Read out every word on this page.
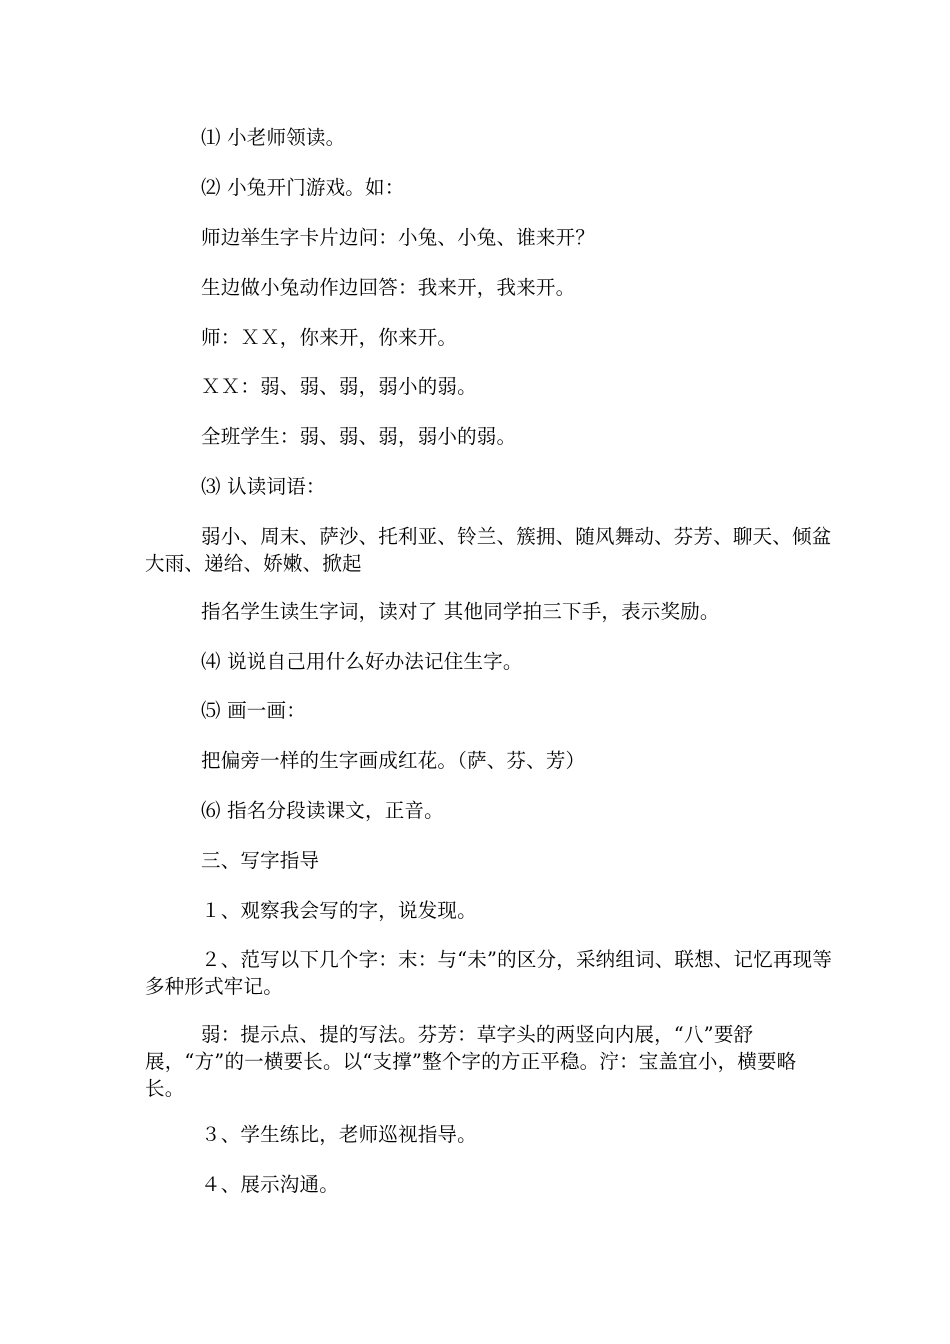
⑴ 小老师领读。

⑵ 小兔开门游戏。如：

师边举生字卡片边问：小兔、小兔、谁来开？

生边做小兔动作边回答：我来开，我来开。

师：ＸＸ，你来开，你来开。

ＸＸ：弱、弱、弱，弱小的弱。

全班学生：弱、弱、弱，弱小的弱。

⑶ 认读词语：

弱小、周末、萨沙、托利亚、铃兰、簇拥、随风舞动、芬芳、聊天、倾盆大雨、递给、娇嫩、掀起

指名学生读生字词，读对了 其他同学拍三下手，表示奖励。

⑷ 说说自己用什么好办法记住生字。

⑸ 画一画：

把偏旁一样的生字画成红花。（萨、芬、芳）

⑹ 指名分段读课文，正音。

三、写字指导

１、观察我会写的字，说发现。

２、范写以下几个字：末：与“未”的区分，采纳组词、联想、记忆再现等多种形式牢记。

弱：提示点、提的写法。芬芳：草字头的两竖向内展，“八”要舒展，“方”的一横要长。以“支撑”整个字的方正平稳。泞：宝盖宜小，横要略长。

３、学生练比，老师巡视指导。

４、展示沟通。
